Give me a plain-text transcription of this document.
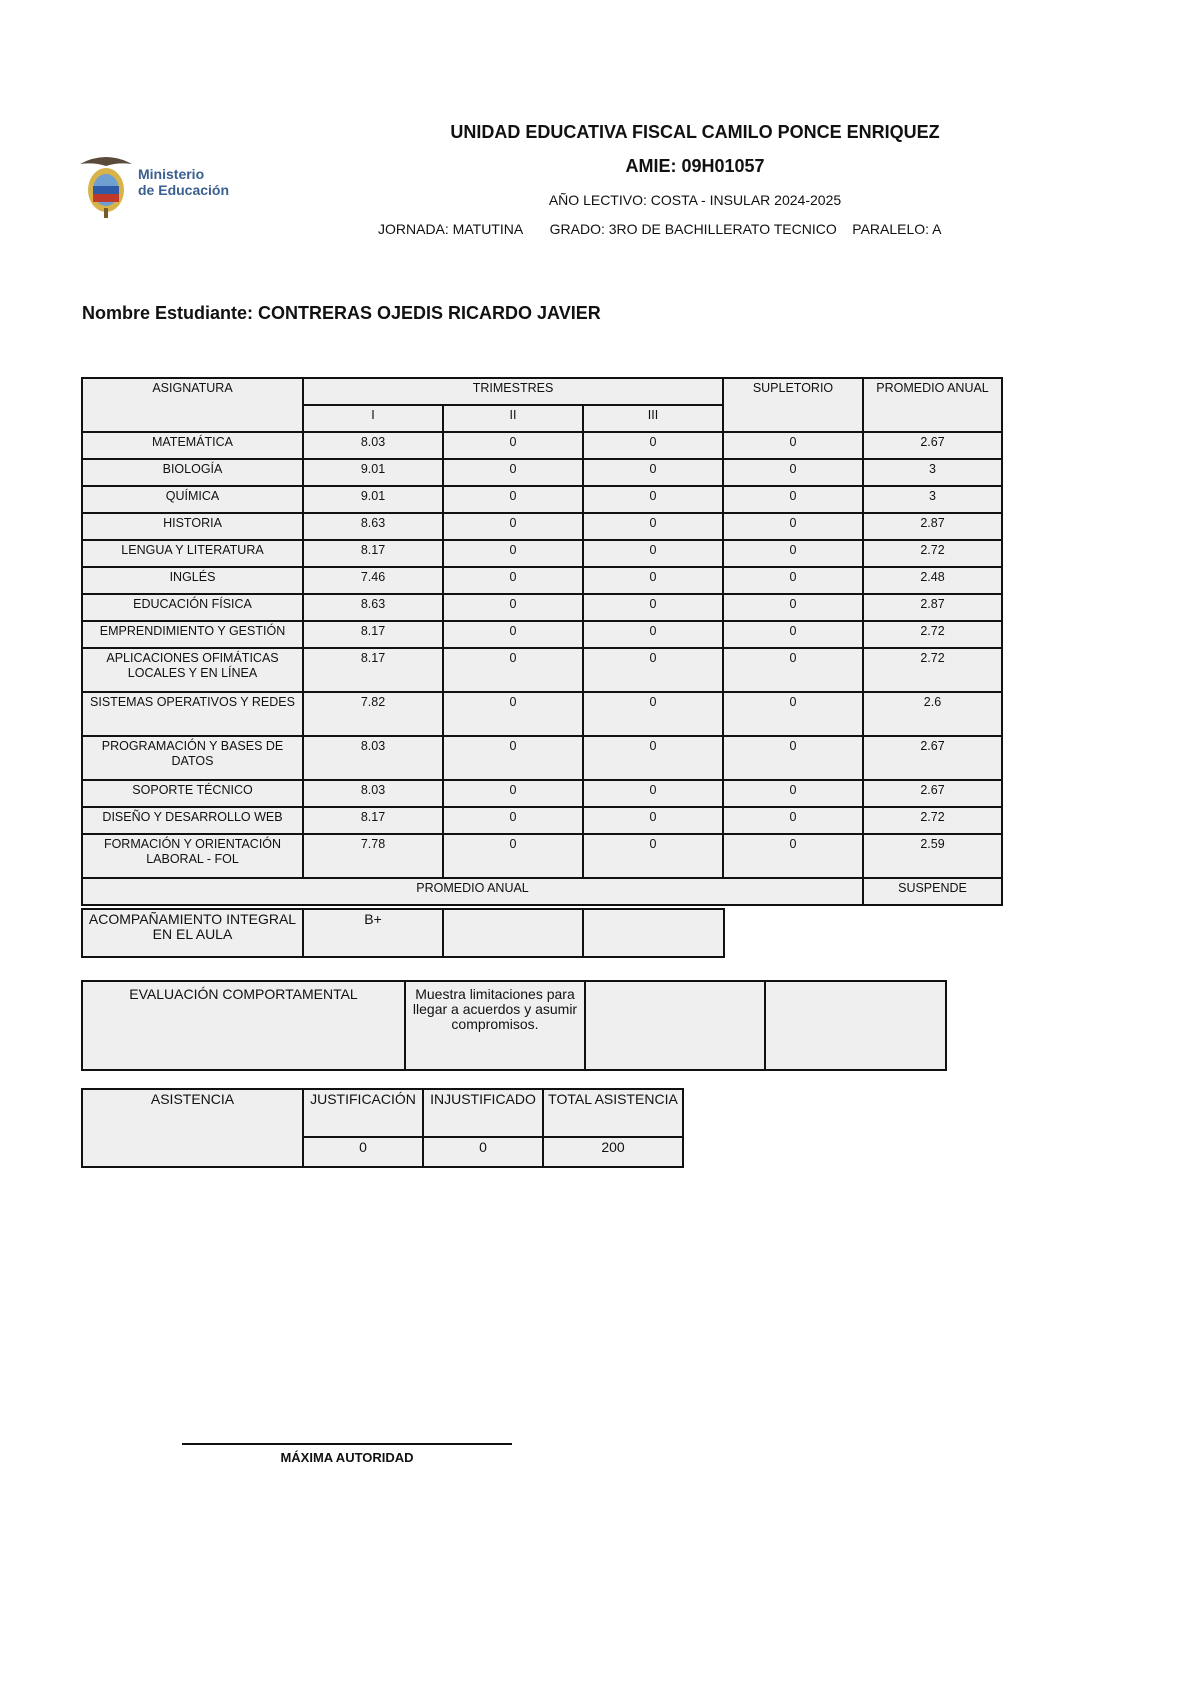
Ministerio
de Educación
UNIDAD EDUCATIVA FISCAL CAMILO PONCE ENRIQUEZ
AMIE: 09H01057
AÑO LECTIVO: COSTA - INSULAR 2024-2025
JORNADA: MATUTINA GRADO: 3RO DE BACHILLERATO TECNICO PARALELO: A
Nombre Estudiante: CONTRERAS OJEDIS RICARDO JAVIER
ASIGNATURA	TRIMESTRES			SUPLETORIO	PROMEDIO ANUAL
	I	II	III		
MATEMÁTICA	8.03	0	0	0	2.67
BIOLOGÍA	9.01	0	0	0	3
QUÍMICA	9.01	0	0	0	3
HISTORIA	8.63	0	0	0	2.87
LENGUA Y LITERATURA	8.17	0	0	0	2.72
INGLÉS	7.46	0	0	0	2.48
EDUCACIÓN FÍSICA	8.63	0	0	0	2.87
EMPRENDIMIENTO Y GESTIÓN	8.17	0	0	0	2.72
APLICACIONES OFIMÁTICAS LOCALES Y EN LÍNEA	8.17	0	0	0	2.72
SISTEMAS OPERATIVOS Y REDES	7.82	0	0	0	2.6
PROGRAMACIÓN Y BASES DE DATOS	8.03	0	0	0	2.67
SOPORTE TÉCNICO	8.03	0	0	0	2.67
DISEÑO Y DESARROLLO WEB	8.17	0	0	0	2.72
FORMACIÓN Y ORIENTACIÓN LABORAL - FOL	7.78	0	0	0	2.59
PROMEDIO ANUAL					SUSPENDE
ACOMPAÑAMIENTO INTEGRAL EN EL AULA	B+		
EVALUACIÓN COMPORTAMENTAL	Muestra limitaciones para llegar a acuerdos y asumir compromisos.		
ASISTENCIA	JUSTIFICACIÓN	INJUSTIFICADO	TOTAL ASISTENCIA
	0	0	200
MÁXIMA AUTORIDAD
